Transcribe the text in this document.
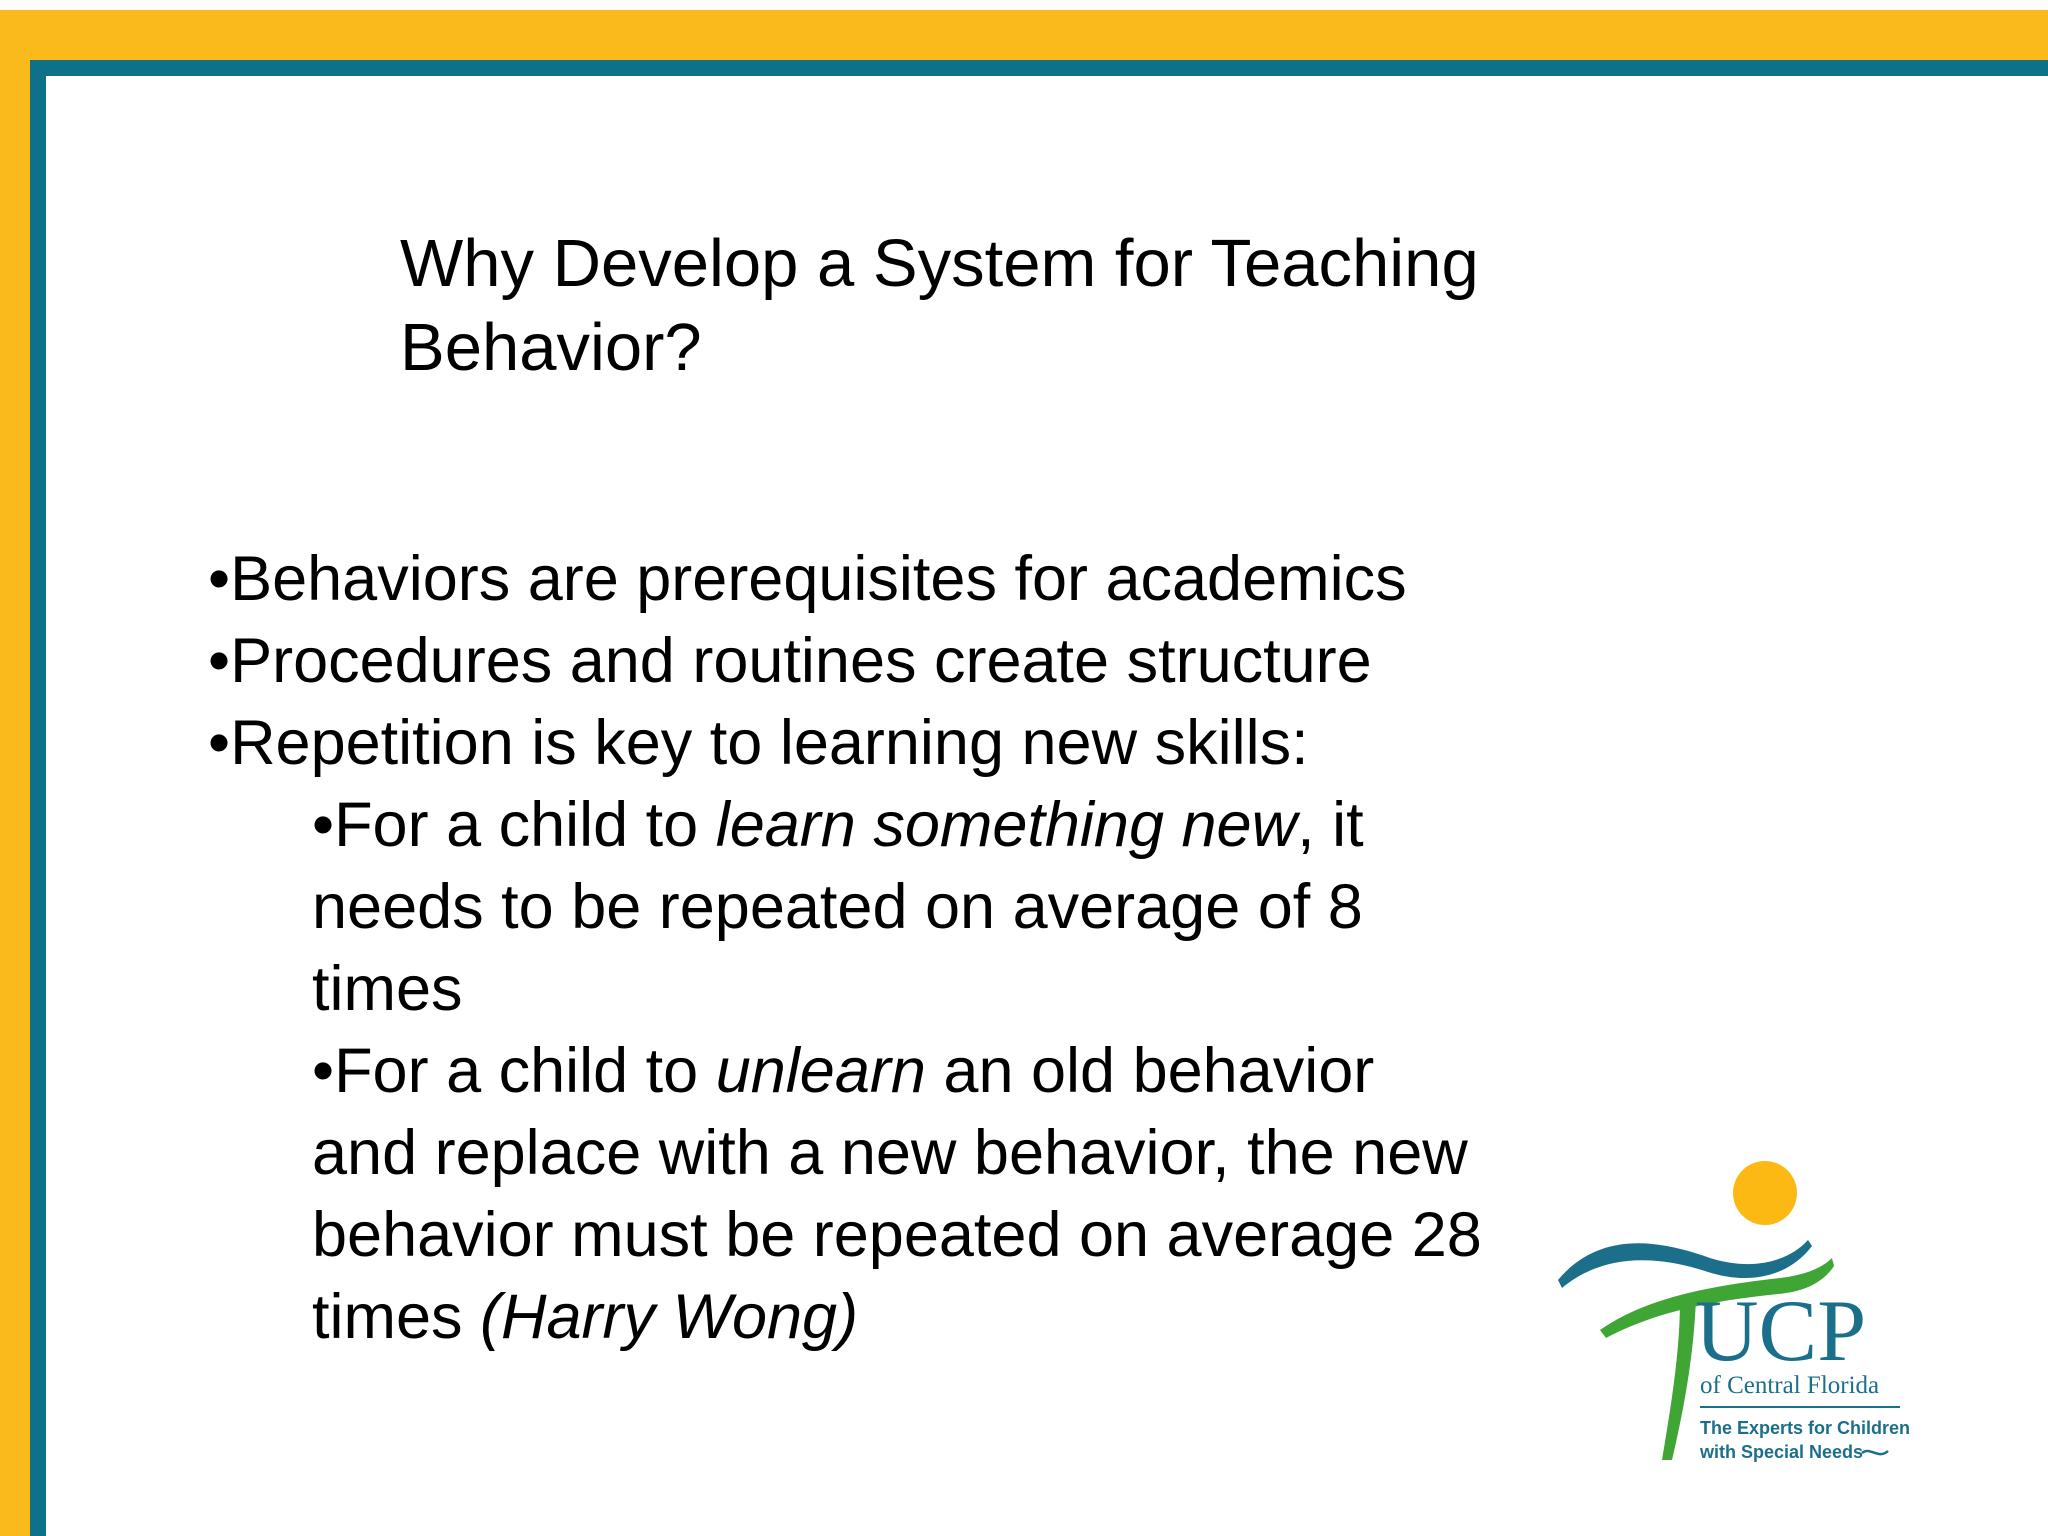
Why Develop a System for Teaching Behavior?
•Behaviors are prerequisites for academics
•Procedures and routines create structure
•Repetition is key to learning new skills:
•For a child to learn something new, it needs to be repeated on average of 8 times
•For a child to unlearn an old behavior and replace with a new behavior, the new behavior must be repeated on average 28 times (Harry Wong)	UCP
of Central Florida
The Experts for Children
with Special Needs
